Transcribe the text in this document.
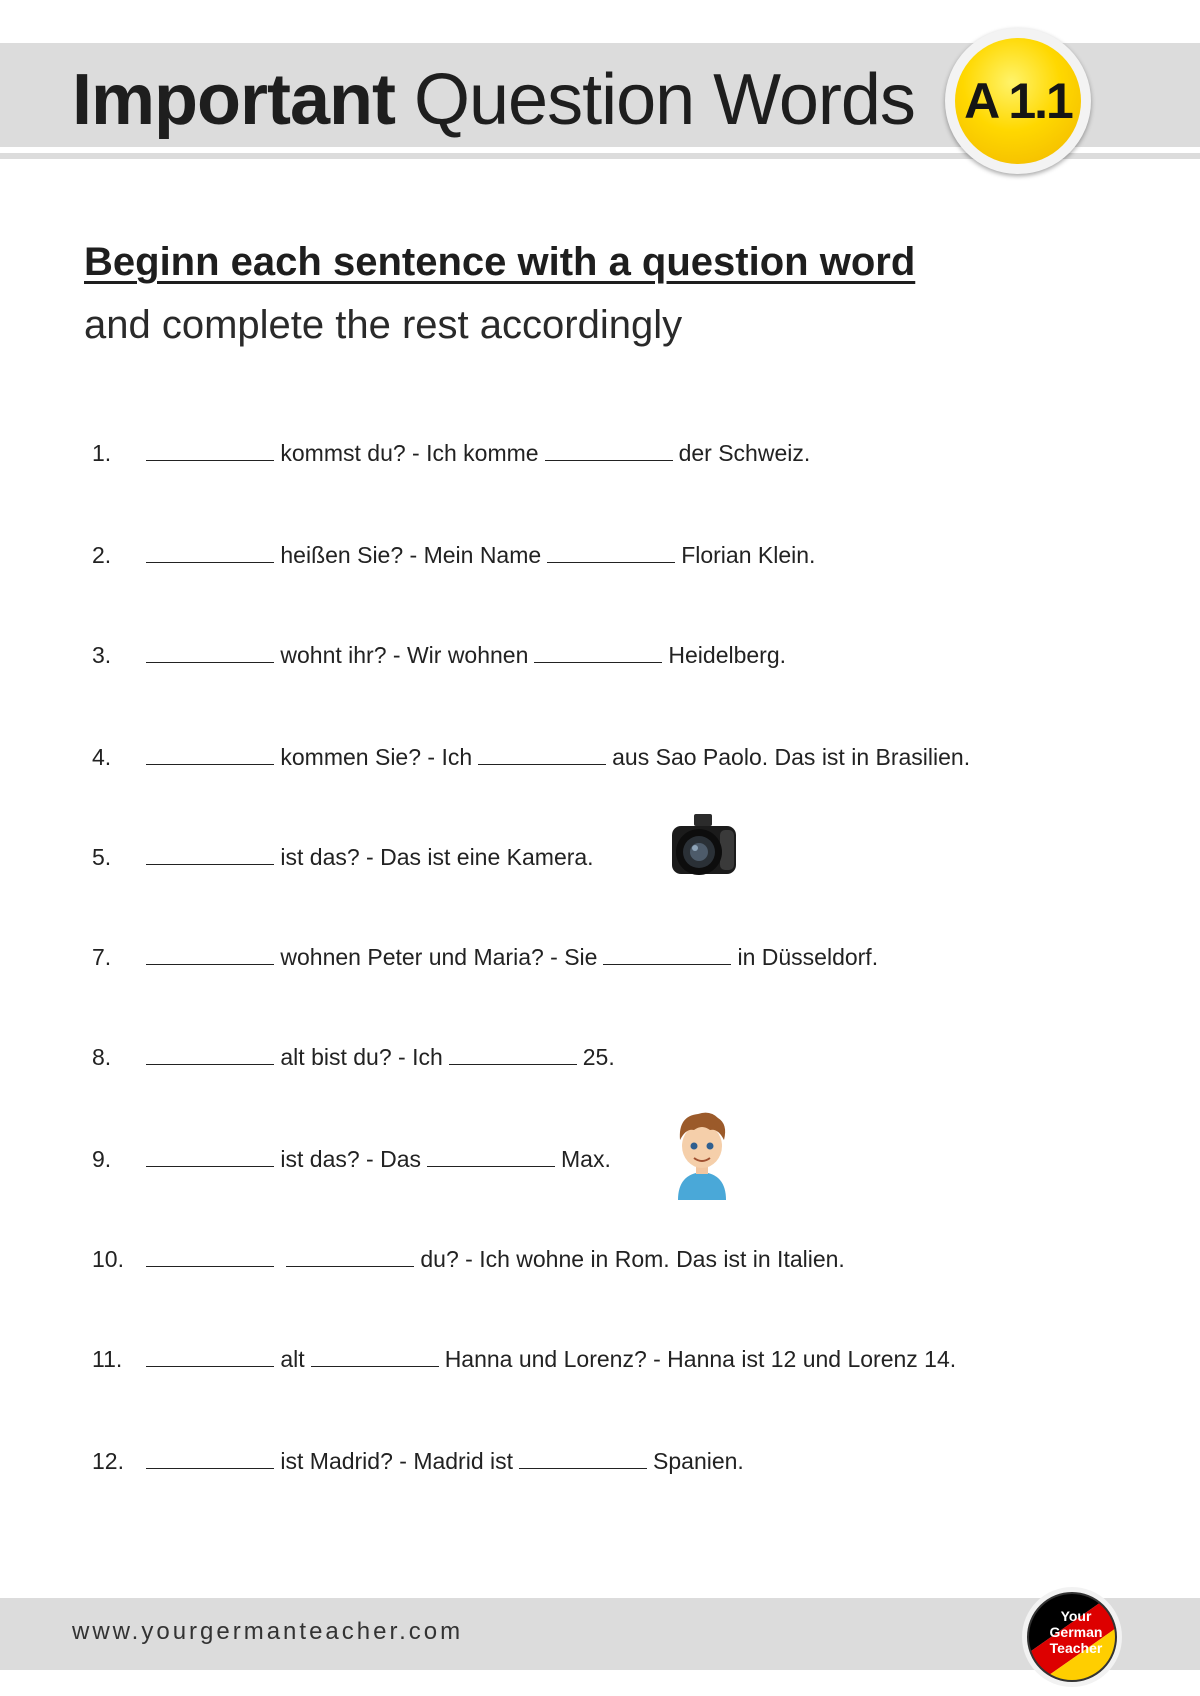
Important Question Words A 1.1
Beginn each sentence with a question word
and complete the rest accordingly
1.	kommst du? - Ich komme	der Schweiz.
2.	heißen Sie? - Mein Name	Florian Klein.
3.	wohnt ihr? - Wir wohnen	Heidelberg.
4.	kommen Sie? - Ich	aus Sao Paolo. Das ist in Brasilien.
5.	ist das? - Das ist eine Kamera.
7.	wohnen Peter und Maria? - Sie	in Düsseldorf.
8.	alt bist du? - Ich	25.
9.	ist das? - Das	Max.
10.	du? - Ich wohne in Rom. Das ist in Italien.
11.	alt	Hanna und Lorenz? - Hanna ist 12 und Lorenz 14.
12.	ist Madrid? - Madrid ist	Spanien.
www.yourgermanteacher.com
Your
German
Teacher
